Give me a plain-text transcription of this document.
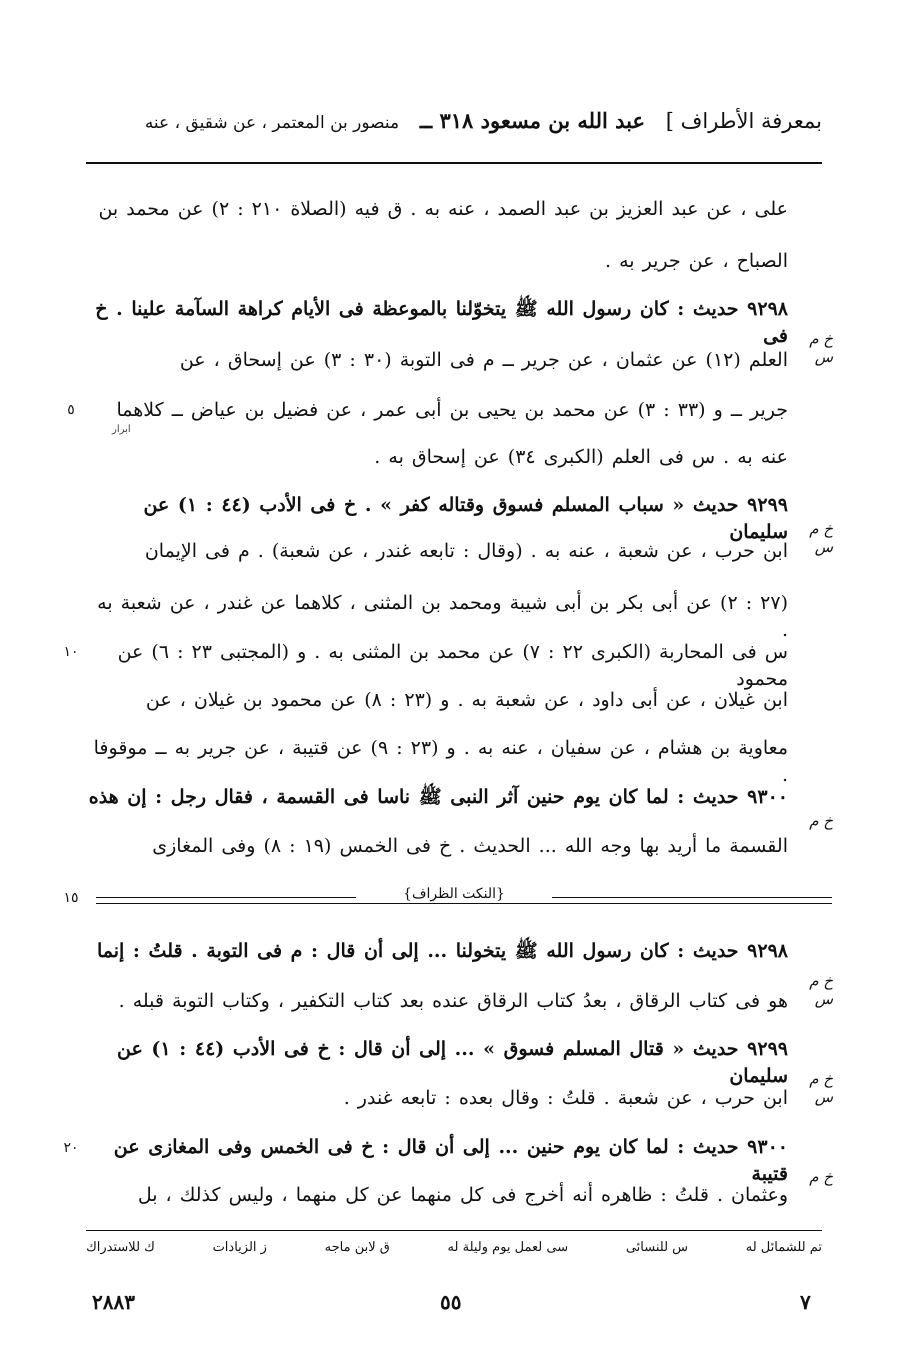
بمعرفة الأطراف ] عبد الله بن مسعود ٣١٨ ــ منصور بن المعتمر ، عن شقيق ، عنه
على ، عن عبد العزيز بن عبد الصمد ، عنه به . ق فيه (الصلاة ٢١٠ : ٢) عن محمد بن
الصباح ، عن جرير به .
٩٢٩٨ حديث : كان رسول الله ﷺ يتخوّلنا بالموعظة فى الأيام كراهة السآمة علينا . خ فى
العلم (١٢) عن عثمان ، عن جرير ــ م فى التوبة (٣٠ : ٣) عن إسحاق ، عن
جرير ــ و (٣٣ : ٣) عن محمد بن يحيى بن أبى عمر ، عن فضيل بن عياض ــ كلاهما
عنه به . س فى العلم (الكبرى ٣٤) عن إسحاق به .
٩٢٩٩ حديث « سباب المسلم فسوق وقتاله كفر » . خ فى الأدب (٤٤ : ١) عن سليمان
ابن حرب ، عن شعبة ، عنه به . (وقال : تابعه غندر ، عن شعبة) . م فى الإيمان
(٢٧ : ٢) عن أبى بكر بن أبى شيبة ومحمد بن المثنى ، كلاهما عن غندر ، عن شعبة به .
س فى المحاربة (الكبرى ٢٢ : ٧) عن محمد بن المثنى به . و (المجتبى ٢٣ : ٦) عن محمود
ابن غيلان ، عن أبى داود ، عن شعبة به . و (٢٣ : ٨) عن محمود بن غيلان ، عن
معاوية بن هشام ، عن سفيان ، عنه به . و (٢٣ : ٩) عن قتيبة ، عن جرير به ــ موقوفا .
٩٣٠٠ حديث : لما كان يوم حنين آثر النبى ﷺ ناسا فى القسمة ، فقال رجل : إن هذه
القسمة ما أريد بها وجه الله ... الحديث . خ فى الخمس (١٩ : ٨) وفى المغازى
ابرار
خ م س
خ م س
خ م
خ م س
خ م س
خ م
٥
١٠
١٥
٢٠
{النكت الظراف}
٩٢٩٨ حديث : كان رسول الله ﷺ يتخولنا ... إلى أن قال : م فى التوبة . قلتُ : إنما
هو فى كتاب الرقاق ، بعدُ كتاب الرقاق عنده بعد كتاب التكفير ، وكتاب التوبة قبله .
٩٢٩٩ حديث « قتال المسلم فسوق » ... إلى أن قال : خ فى الأدب (٤٤ : ١) عن سليمان
ابن حرب ، عن شعبة . قلتُ : وقال بعده : تابعه غندر .
٩٣٠٠ حديث : لما كان يوم حنين ... إلى أن قال : خ فى الخمس وفى المغازى عن قتيبة
وعثمان . قلتُ : ظاهره أنه أخرج فى كل منهما عن كل منهما ، وليس كذلك ، بل
تم للشمائل له
س للنسائى
سى لعمل يوم وليلة له
ق لابن ماجه
ز الزيادات
ك للاستدراك
٧
٥٥
٢٨٨٣
